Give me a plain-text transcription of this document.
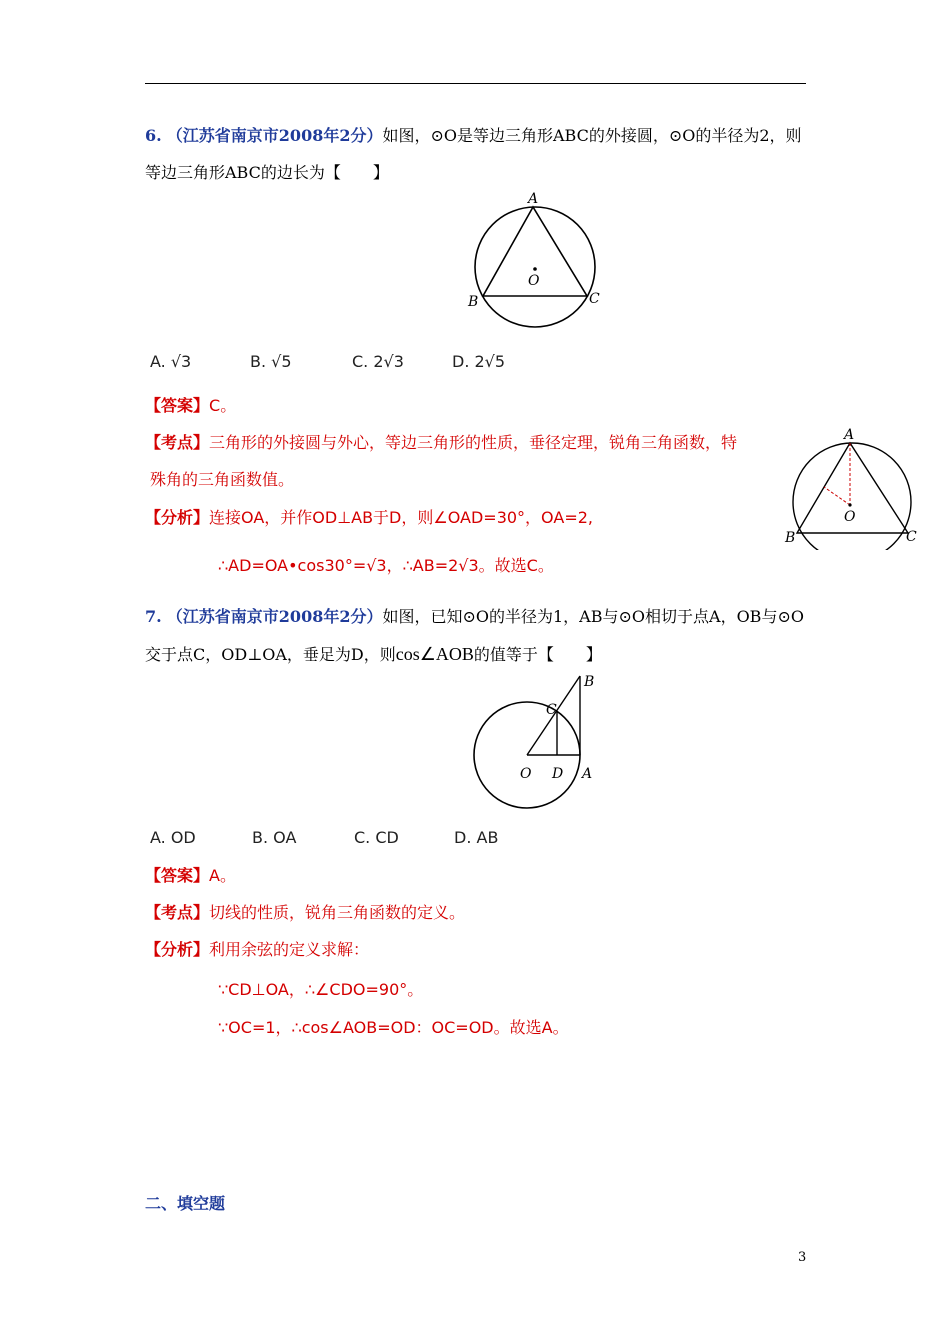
6. （江苏省南京市2008年2分）如图，⊙O是等边三角形ABC的外接圆，⊙O的半径为2，则
等边三角形ABC的边长为【　　】
A
B	C
O
A. √3	B. √5	C. 2√3	D. 2√5
【答案】C。
【考点】三角形的外接圆与外心，等边三角形的性质，垂径定理，锐角三角函数，特
殊角的三角函数值。
【分析】连接OA，并作OD⊥AB于D，则∠OAD=30°，OA=2,
∴AD=OA•cos30°=√3，∴AB=2√3。故选C。
A
B	C
O
7. （江苏省南京市2008年2分）如图，已知⊙O的半径为1，AB与⊙O相切于点A，OB与⊙O
交于点C，OD⊥OA，垂足为D，则cos∠AOB的值等于【　　】
B
C
O D A
A. OD	B. OA	C. CD	D. AB
【答案】A。
【考点】切线的性质，锐角三角函数的定义。
【分析】利用余弦的定义求解：
∵CD⊥OA，∴∠CDO=90°。
∵OC=1，∴cos∠AOB=OD：OC=OD。故选A。
二、填空题
3
